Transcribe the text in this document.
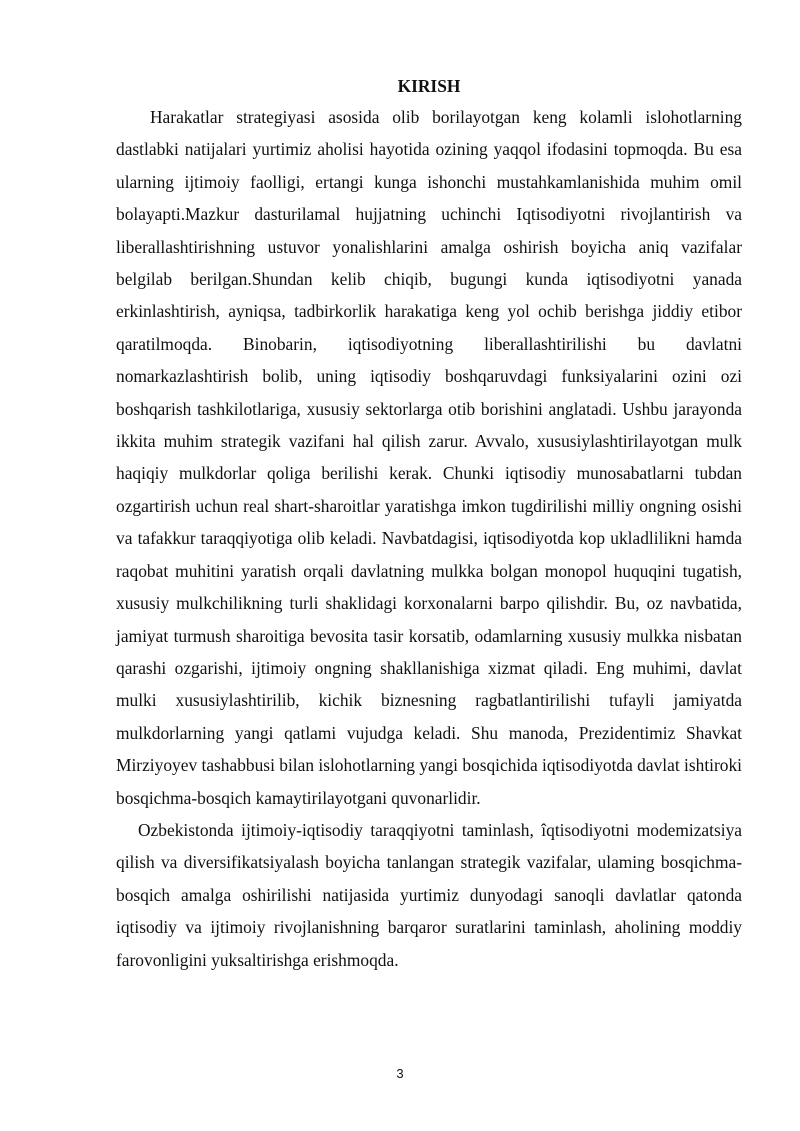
KIRISH

Harakatlar strategiyasi asosida olib borilayotgan keng kolamli islohotlarning dastlabki natijalari yurtimiz aholisi hayotida ozining yaqqol ifodasini topmoqda. Bu esa ularning ijtimoiy faolligi, ertangi kunga ishonchi mustahkamlanishida muhim omil bolayapti.Mazkur dasturilamal hujjatning uchinchi Iqtisodiyotni rivojlantirish va liberallashtirishning ustuvor yonalishlarini amalga oshirish boyicha aniq vazifalar belgilab berilgan.Shundan kelib chiqib, bugungi kunda iqtisodiyotni yanada erkinlashtirish, ayniqsa, tadbirkorlik harakatiga keng yol ochib berishga jiddiy etibor qaratilmoqda. Binobarin, iqtisodiyotning liberallashtirilishi bu davlatni nomarkazlashtirish bolib, uning iqtisodiy boshqaruvdagi funksiyalarini ozini ozi boshqarish tashkilotlariga, xususiy sektorlarga otib borishini anglatadi. Ushbu jarayonda ikkita muhim strategik vazifani hal qilish zarur. Avvalo, xususiylashtirilayotgan mulk haqiqiy mulkdorlar qoliga berilishi kerak. Chunki iqtisodiy munosabatlarni tubdan ozgartirish uchun real shart-sharoitlar yaratishga imkon tugdirilishi milliy ongning osishi va tafakkur taraqqiyotiga olib keladi. Navbatdagisi, iqtisodiyotda kop ukladlilikni hamda raqobat muhitini yaratish orqali davlatning mulkka bolgan monopol huquqini tugatish, xususiy mulkchilikning turli shaklidagi korxonalarni barpo qilishdir. Bu, oz navbatida, jamiyat turmush sharoitiga bevosita tasir korsatib, odamlarning xususiy mulkka nisbatan qarashi ozgarishi, ijtimoiy ongning shakllanishiga xizmat qiladi. Eng muhimi, davlat mulki xususiylashtirilib, kichik biznesning ragbatlantirilishi tufayli jamiyatda mulkdorlarning yangi qatlami vujudga keladi. Shu manoda, Prezidentimiz Shavkat Mirziyoyev tashabbusi bilan islohotlarning yangi bosqichida iqtisodiyotda davlat ishtiroki bosqichma-bosqich kamaytirilayotgani quvonarlidir.

Ozbekistonda ijtimoiy-iqtisodiy taraqqiyotni taminlash, îqtisodiyotni modemizatsiya qilish va diversifikatsiyalash boyicha tanlangan strategik vazifalar, ulaming bosqichma-bosqich amalga oshirilishi natijasida yurtimiz dunyodagi sanoqli davlatlar qatonda iqtisodiy va ijtimoiy rivojlanishning barqaror suratlarini taminlash, aholining moddiy farovonligini yuksaltirishga erishmoqda.

3
